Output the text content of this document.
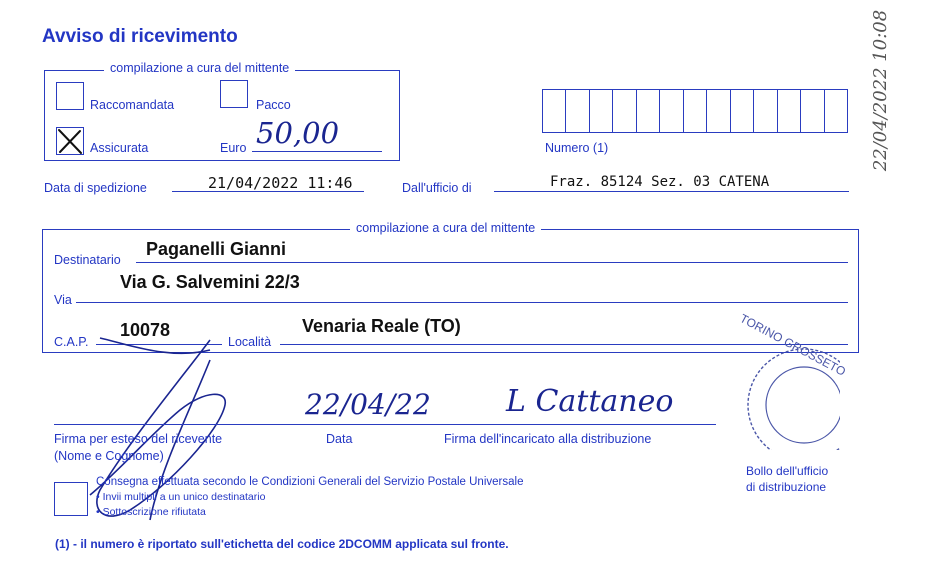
Avviso di ricevimento
compilazione a cura del mittente
Raccomandata	Pacco
Assicurata	Euro 50,00	Numero (1)
Data di spedizione	21/04/2022 11:46	Dall'ufficio di	Fraz. 85124 Sez. 03 CATENA
compilazione a cura del mittente
Destinatario
Paganelli Gianni
Via
Via G. Salvemini 22/3
C.A.P.
10078
Località
Venaria Reale (TO)
22/04/22	L Cattaneo
Firma per esteso del ricevente
(Nome e Cognome)
Data	Firma dell'incaricato alla distribuzione
TORINO GROSSETO
Bollo dell'ufficio
di distribuzione
Consegna effettuata secondo le Condizioni Generali del Servizio Postale Universale
• Invii multipli a un unico destinatario
• Sottoscrizione rifiutata
22/04/2022 10:08
(1) - il numero è riportato sull'etichetta del codice 2DCOMM applicata sul fronte.
